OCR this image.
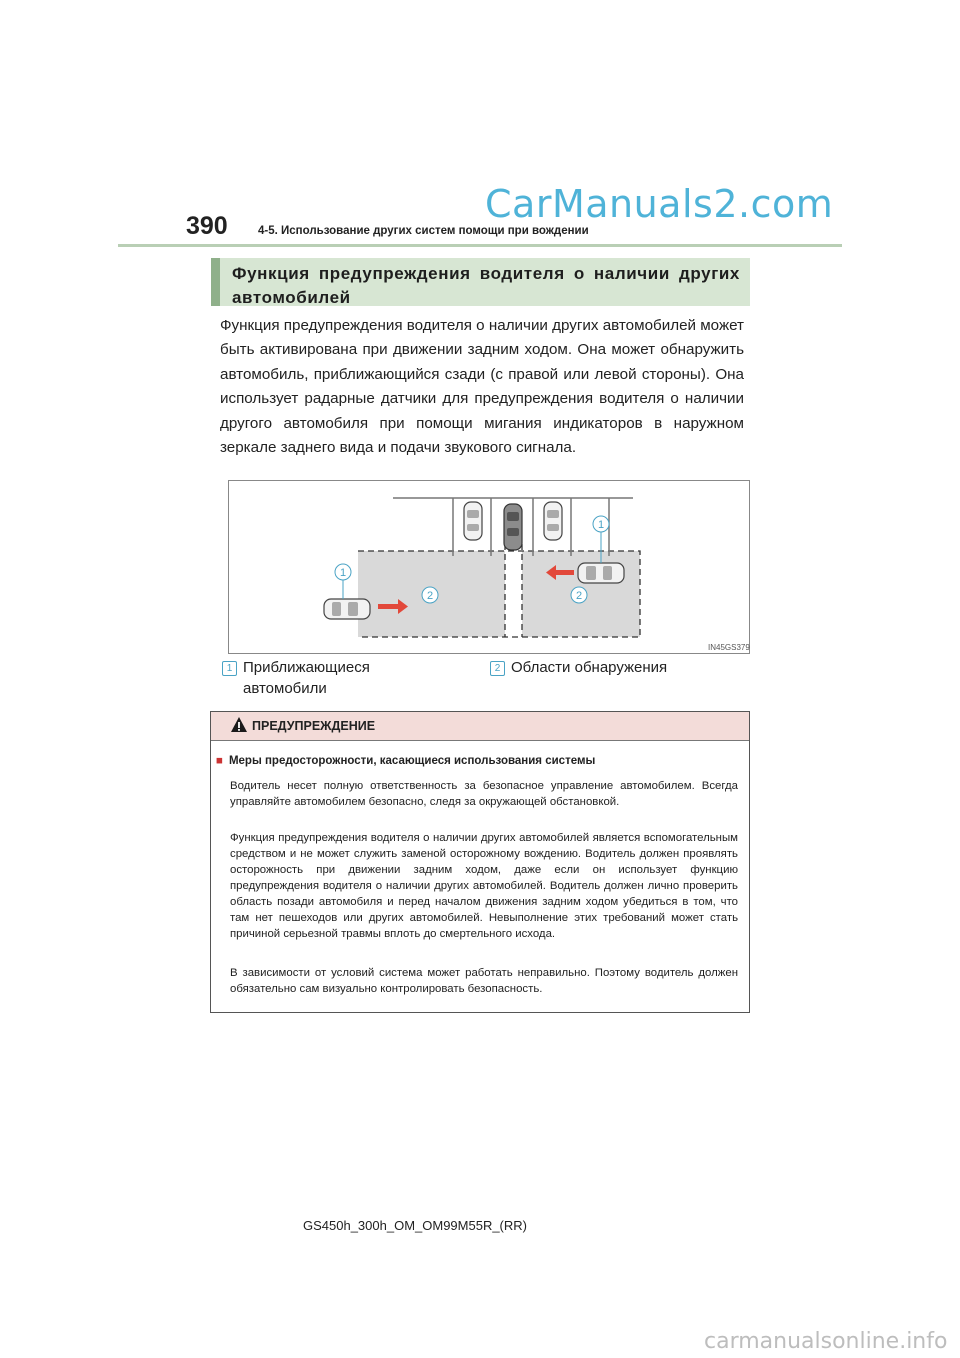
CarManuals2.com
390	4-5. Использование других систем помощи при вождении
Функция предупреждения водителя о наличии других автомобилей
Функция предупреждения водителя о наличии других автомобилей может быть активирована при движении задним ходом. Она может обнаружить автомобиль, приближающийся сзади (с правой или левой стороны). Она использует радарные датчики для предупреждения водителя о наличии другого автомобиля при помощи мигания индикаторов в наружном зеркале заднего вида и подачи звукового сигнала.
1
1
2	2
IN45GS379
1 Приближающиеся автомобили
2 Области обнаружения
ПРЕДУПРЕЖДЕНИЕ
■ Меры предосторожности, касающиеся использования системы
Водитель несет полную ответственность за безопасное управление автомобилем. Всегда управляйте автомобилем безопасно, следя за окружающей обстановкой.
Функция предупреждения водителя о наличии других автомобилей является вспомогательным средством и не может служить заменой осторожному вождению. Водитель должен проявлять осторожность при движении задним ходом, даже если он использует функцию предупреждения водителя о наличии других автомобилей. Водитель должен лично проверить область позади автомобиля и перед началом движения задним ходом убедиться в том, что там нет пешеходов или других автомобилей. Невыполнение этих требований может стать причиной серьезной травмы вплоть до смертельного исхода.
В зависимости от условий система может работать неправильно. Поэтому водитель должен обязательно сам визуально контролировать безопасность.
GS450h_300h_OM_OM99M55R_(RR)
carmanualsonline.info
